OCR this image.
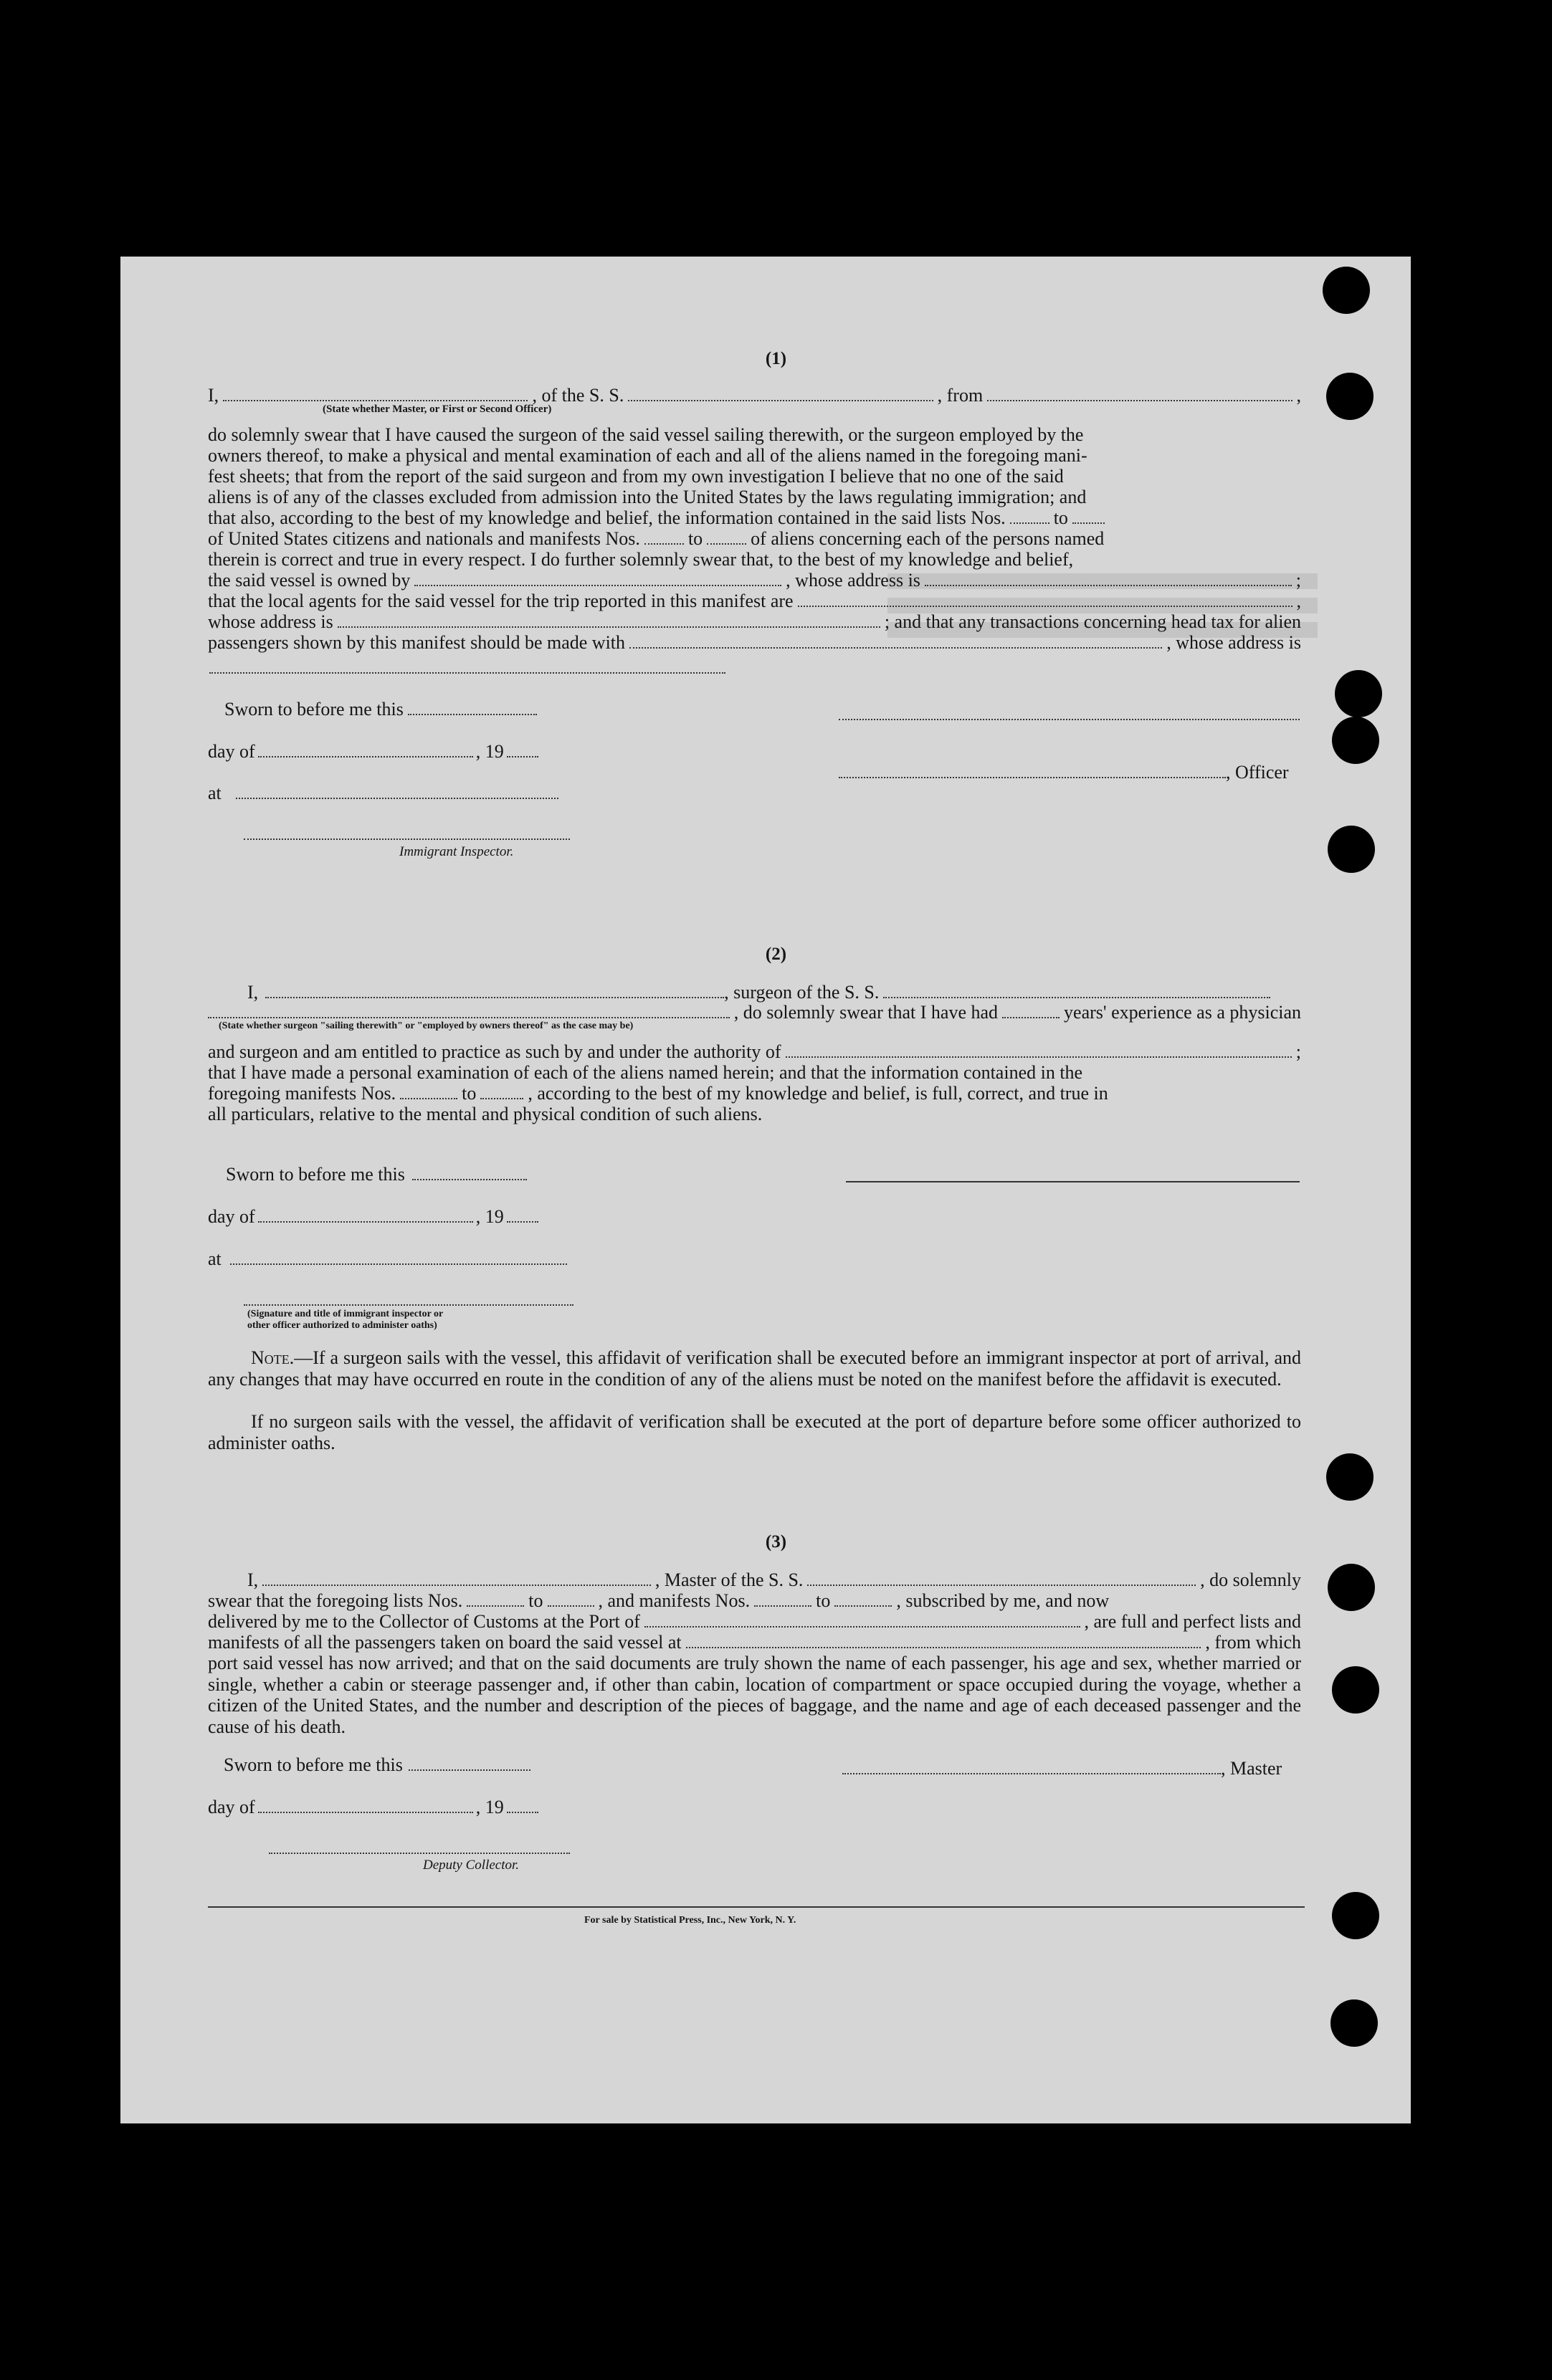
(1)
I,	, of the S. S.	, from	,
(State whether Master, or First or Second Officer)
do solemnly swear that I have caused the surgeon of the said vessel sailing therewith, or the surgeon employed by the
owners thereof, to make a physical and mental examination of each and all of the aliens named in the foregoing mani-
fest sheets; that from the report of the said surgeon and from my own investigation I believe that no one of the said
aliens is of any of the classes excluded from admission into the United States by the laws regulating immigration; and
that also, according to the best of my knowledge and belief, the information contained in the said lists Nos.	to
of United States citizens and nationals and manifests Nos.	to	of aliens concerning each of the persons named
therein is correct and true in every respect. I do further solemnly swear that, to the best of my knowledge and belief,
the said vessel is owned by	, whose address is	;
that the local agents for the said vessel for the trip reported in this manifest are	,
whose address is	; and that any transactions concerning head tax for alien
passengers shown by this manifest should be made with	, whose address is
Sworn to before me this
day of	, 19
at
Immigrant Inspector.
, Officer
(2)
I,	, surgeon of the S. S.
, do solemnly swear that I have had	years' experience as a physician
(State whether surgeon "sailing therewith" or "employed by owners thereof" as the case may be)
and surgeon and am entitled to practice as such by and under the authority of	;
that I have made a personal examination of each of the aliens named herein; and that the information contained in the
foregoing manifests Nos.	to	, according to the best of my knowledge and belief, is full, correct, and true in
all particulars, relative to the mental and physical condition of such aliens.
Sworn to before me this
day of	, 19
at
(Signature and title of immigrant inspector or
other officer authorized to administer oaths)
Note.—If a surgeon sails with the vessel, this affidavit of verification shall be executed before an immigrant inspector at port of arrival, and any changes that may have occurred en route in the condition of any of the aliens must be noted on the manifest before the affidavit is executed.
If no surgeon sails with the vessel, the affidavit of verification shall be executed at the port of departure before some officer authorized to administer oaths.
(3)
I,	, Master of the S. S.	, do solemnly
swear that the foregoing lists Nos.	to	, and manifests Nos.	to	, subscribed by me, and now
delivered by me to the Collector of Customs at the Port of	, are full and perfect lists and
manifests of all the passengers taken on board the said vessel at	, from which
port said vessel has now arrived; and that on the said documents are truly shown the name of each passenger, his age and sex, whether married or single, whether a cabin or steerage passenger and, if other than cabin, location of compartment or space occupied during the voyage, whether a citizen of the United States, and the number and description of the pieces of baggage, and the name and age of each deceased passenger and the cause of his death.
Sworn to before me this	, Master
day of	, 19
Deputy Collector.
For sale by Statistical Press, Inc., New York, N. Y.
